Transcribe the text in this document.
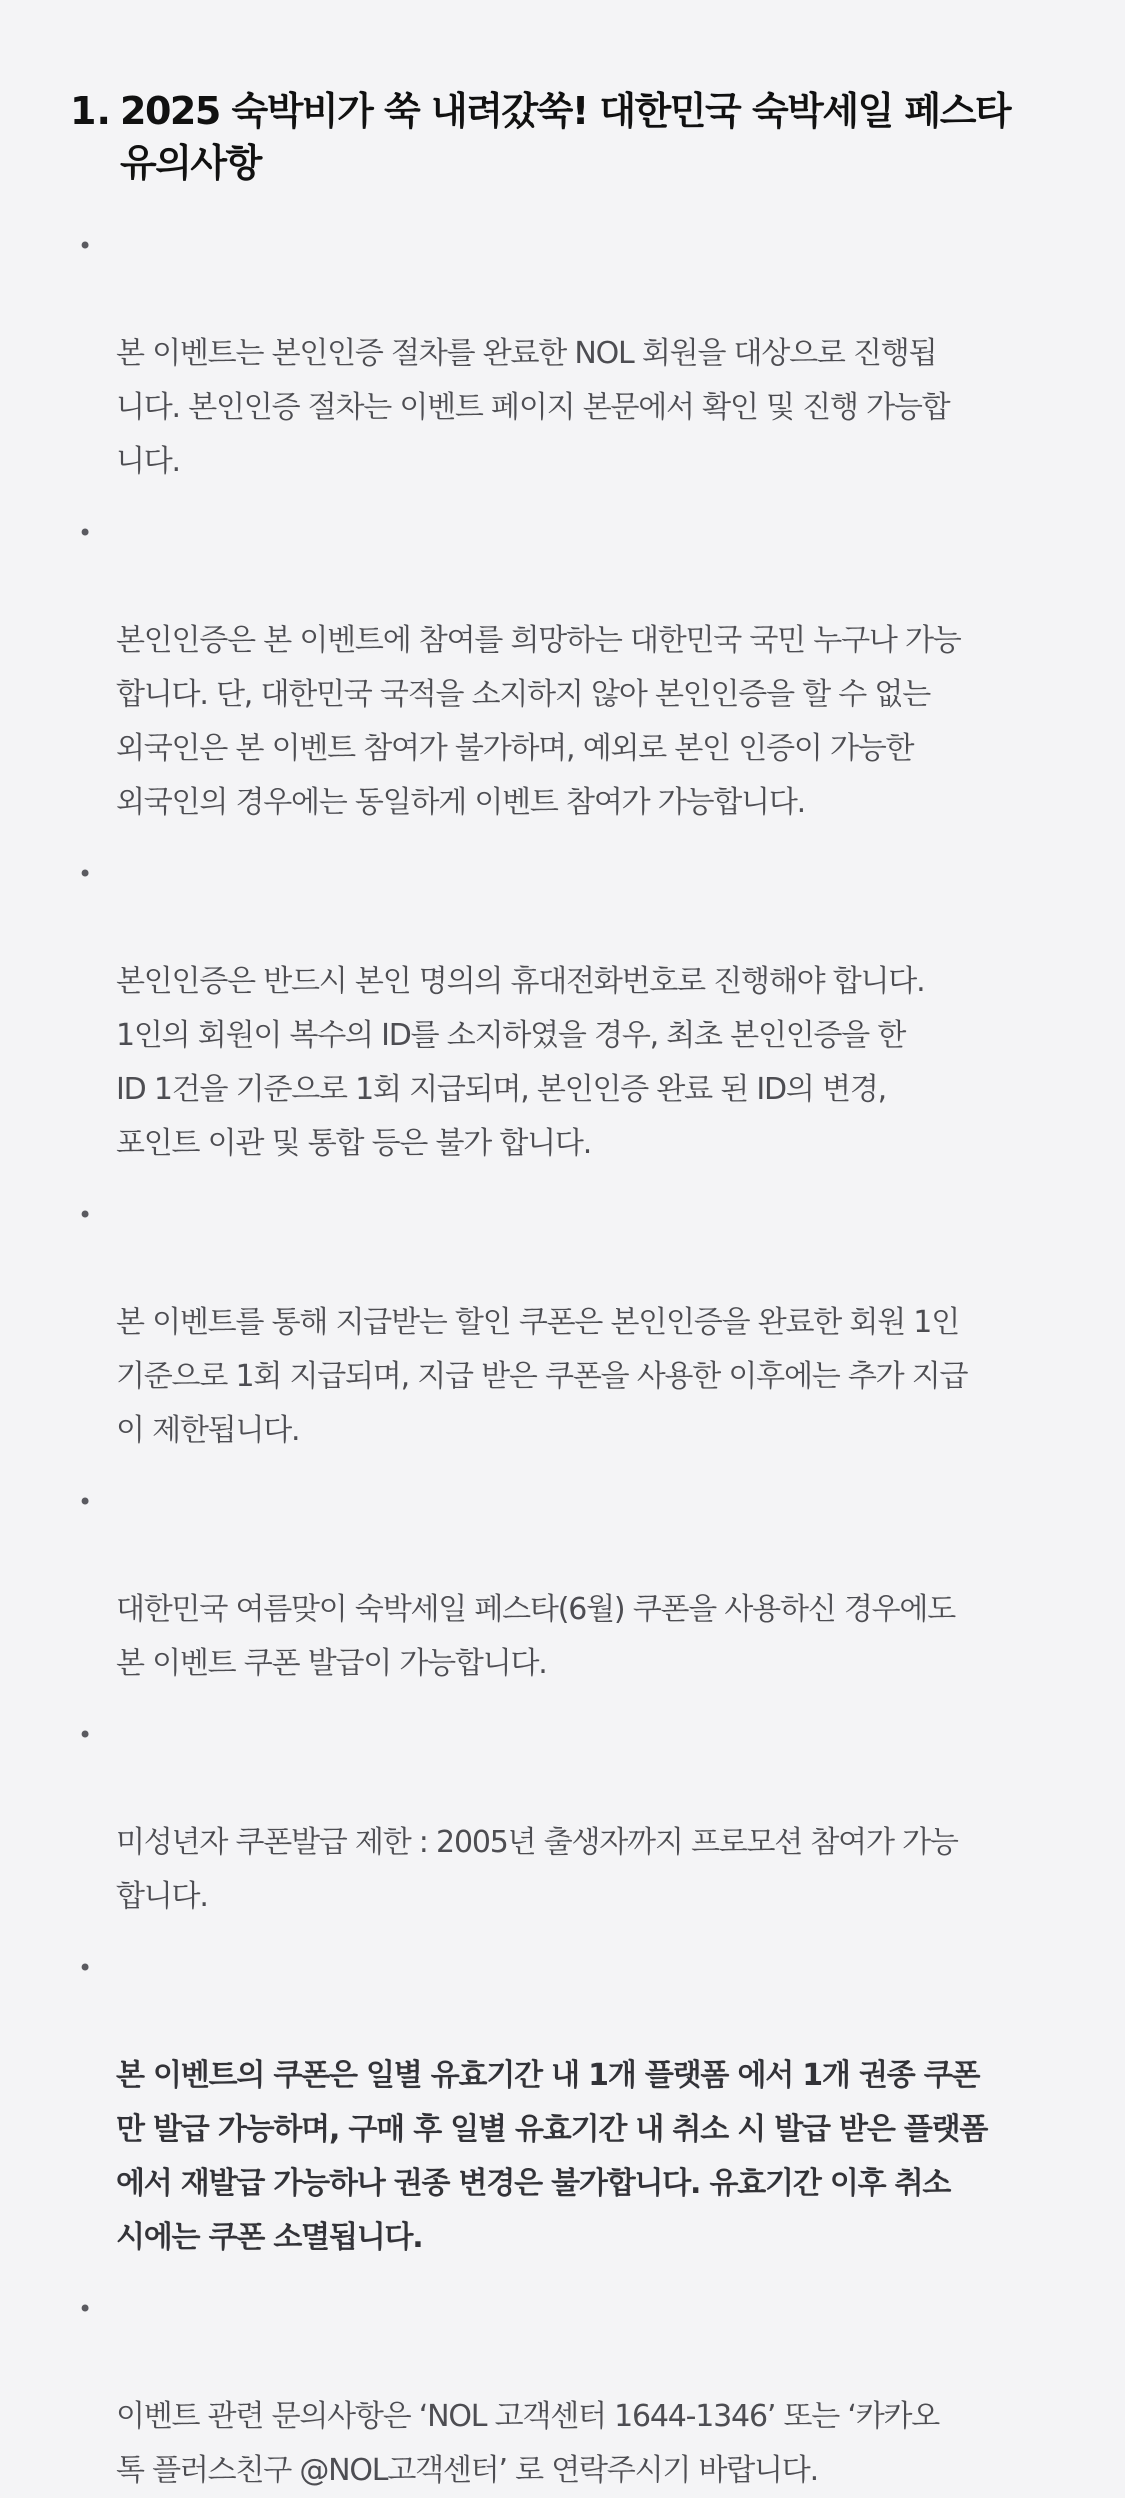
1. 2025 숙박비가 쑥 내려갔쑥! 대한민국 숙박세일 페스타
유의사항

•

본 이벤트는 본인인증 절차를 완료한 NOL 회원을 대상으로 진행됩
니다. 본인인증 절차는 이벤트 페이지 본문에서 확인 및 진행 가능합
니다.

•

본인인증은 본 이벤트에 참여를 희망하는 대한민국 국민 누구나 가능
합니다. 단, 대한민국 국적을 소지하지 않아 본인인증을 할 수 없는
외국인은 본 이벤트 참여가 불가하며, 예외로 본인 인증이 가능한
외국인의 경우에는 동일하게 이벤트 참여가 가능합니다.

•

본인인증은 반드시 본인 명의의 휴대전화번호로 진행해야 합니다.
1인의 회원이 복수의 ID를 소지하였을 경우, 최초 본인인증을 한
ID 1건을 기준으로 1회 지급되며, 본인인증 완료 된 ID의 변경,
포인트 이관 및 통합 등은 불가 합니다.

•

본 이벤트를 통해 지급받는 할인 쿠폰은 본인인증을 완료한 회원 1인
기준으로 1회 지급되며, 지급 받은 쿠폰을 사용한 이후에는 추가 지급
이 제한됩니다.

•

대한민국 여름맞이 숙박세일 페스타(6월) 쿠폰을 사용하신 경우에도
본 이벤트 쿠폰 발급이 가능합니다.

•

미성년자 쿠폰발급 제한 : 2005년 출생자까지 프로모션 참여가 가능
합니다.

•

본 이벤트의 쿠폰은 일별 유효기간 내 1개 플랫폼 에서 1개 권종 쿠폰
만 발급 가능하며, 구매 후 일별 유효기간 내 취소 시 발급 받은 플랫폼
에서 재발급 가능하나 권종 변경은 불가합니다. 유효기간 이후 취소
시에는 쿠폰 소멸됩니다.

•

이벤트 관련 문의사항은 ‘NOL 고객센터 1644-1346’ 또는 ‘카카오
톡 플러스친구 @NOL고객센터’ 로 연락주시기 바랍니다.
